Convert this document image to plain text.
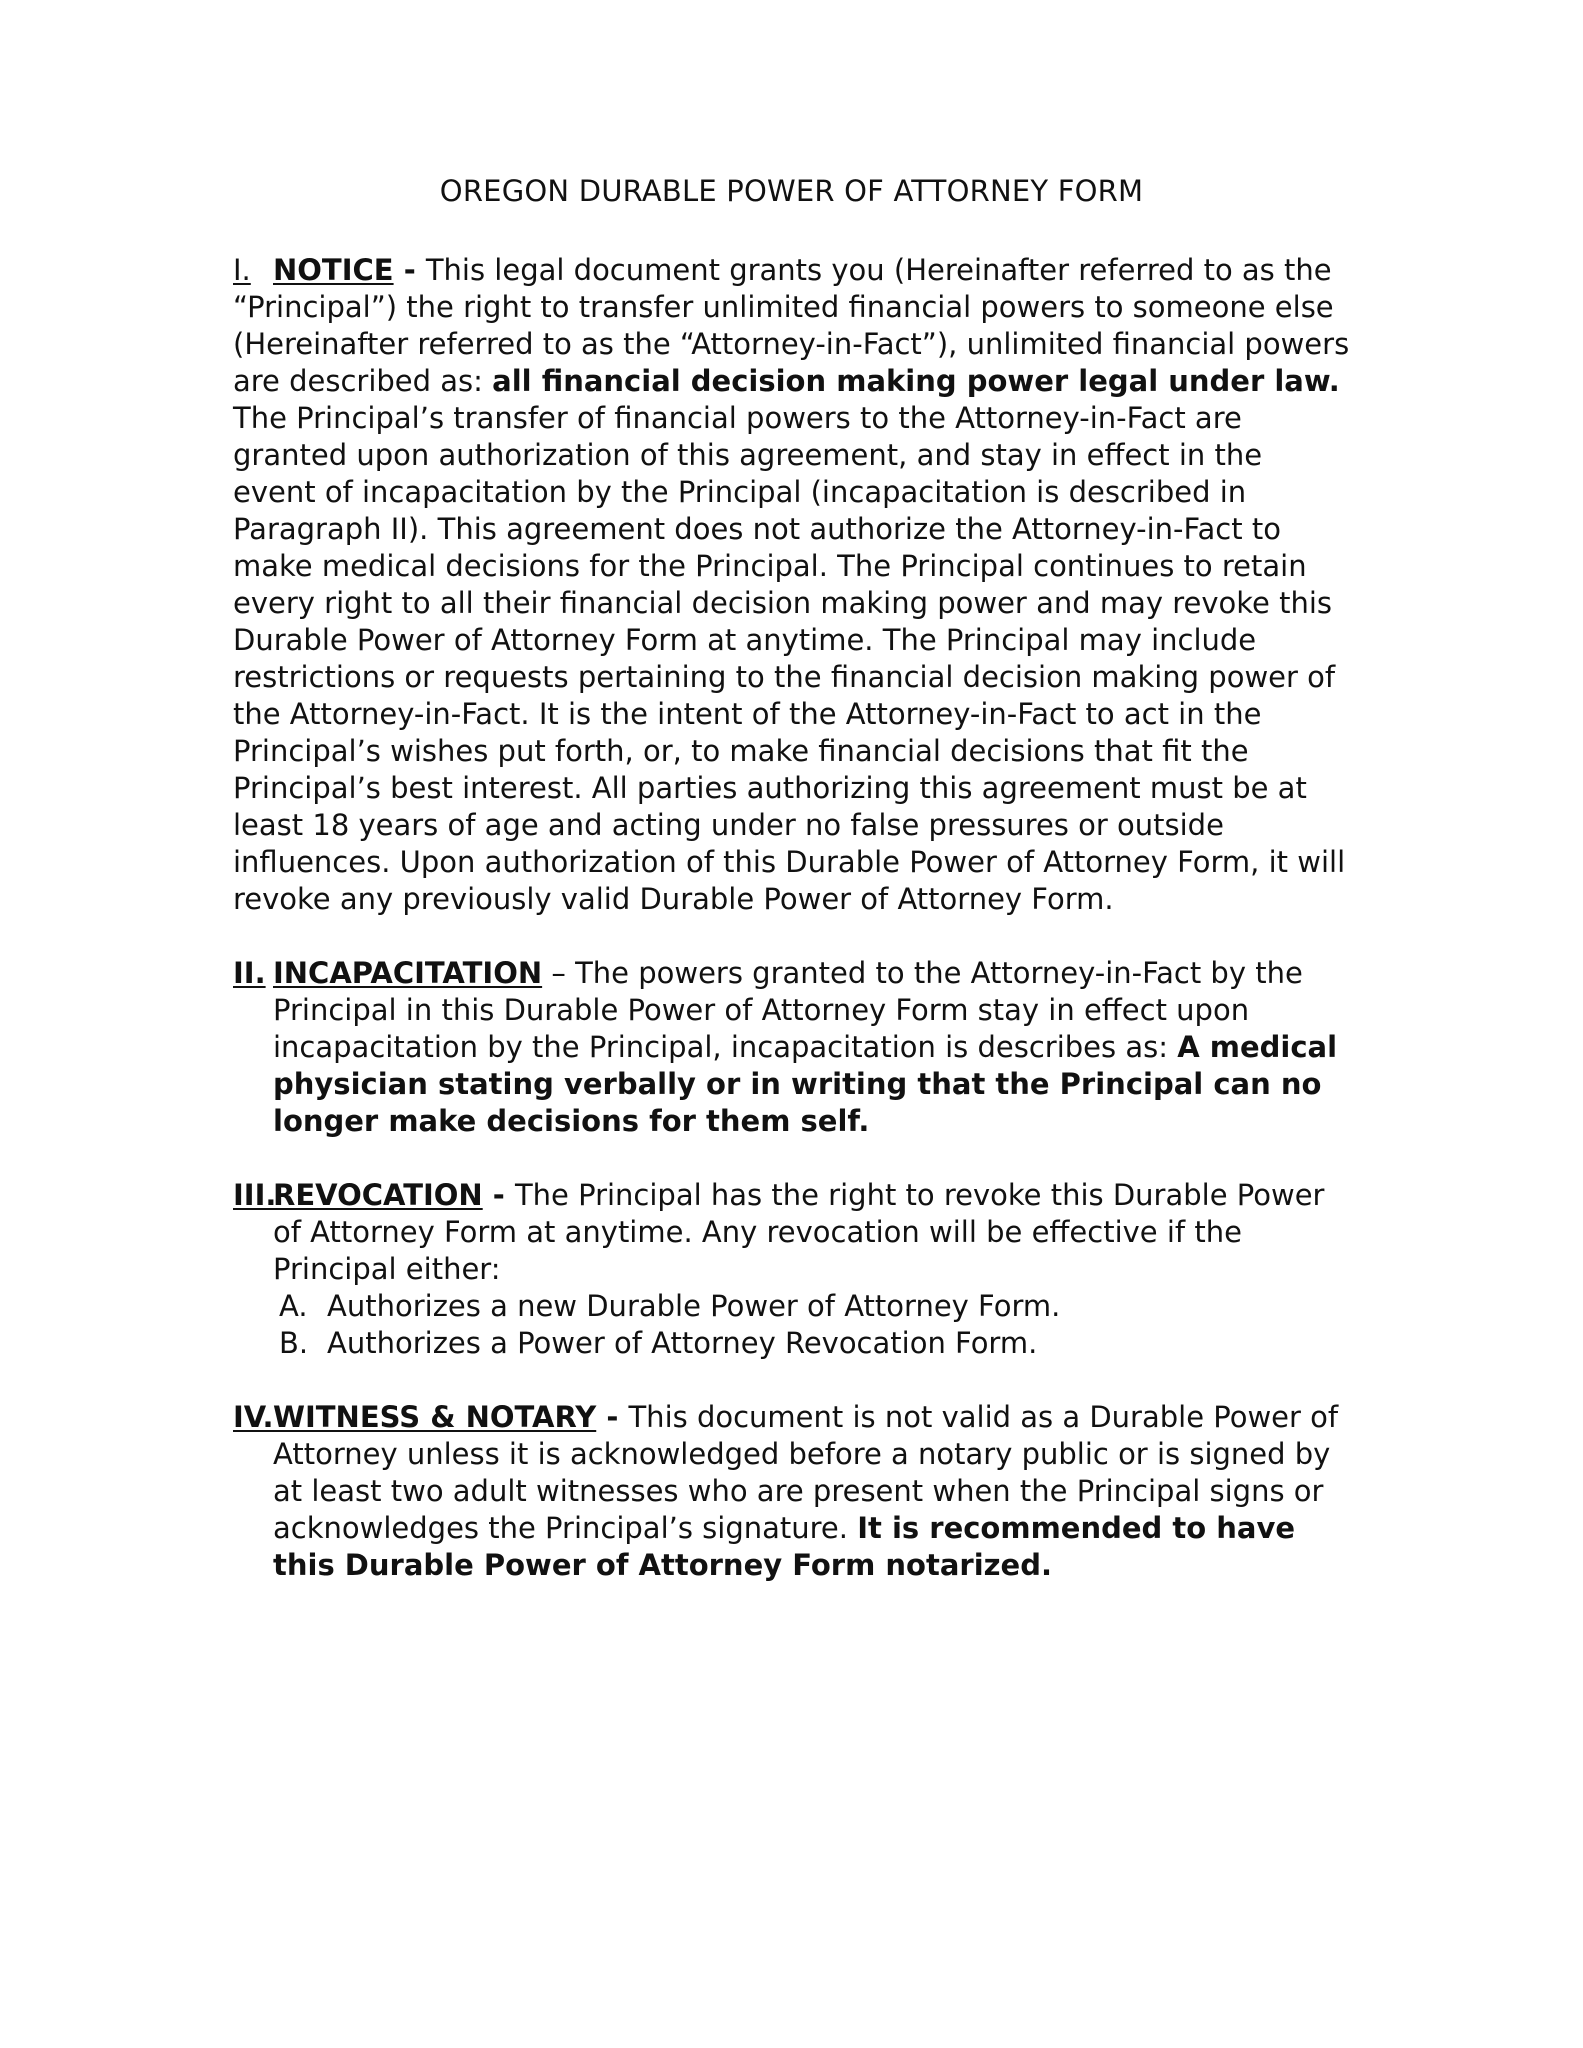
OREGON DURABLE POWER OF ATTORNEY FORM

I. NOTICE - This legal document grants you (Hereinafter referred to as the “Principal”) the right to transfer unlimited financial powers to someone else (Hereinafter referred to as the “Attorney-in-Fact”), unlimited financial powers are described as: all financial decision making power legal under law. The Principal’s transfer of financial powers to the Attorney-in-Fact are granted upon authorization of this agreement, and stay in effect in the event of incapacitation by the Principal (incapacitation is described in Paragraph II). This agreement does not authorize the Attorney-in-Fact to make medical decisions for the Principal. The Principal continues to retain every right to all their financial decision making power and may revoke this Durable Power of Attorney Form at anytime. The Principal may include restrictions or requests pertaining to the financial decision making power of the Attorney-in-Fact. It is the intent of the Attorney-in-Fact to act in the Principal’s wishes put forth, or, to make financial decisions that fit the Principal’s best interest. All parties authorizing this agreement must be at least 18 years of age and acting under no false pressures or outside influences. Upon authorization of this Durable Power of Attorney Form, it will revoke any previously valid Durable Power of Attorney Form.

II. INCAPACITATION – The powers granted to the Attorney-in-Fact by the Principal in this Durable Power of Attorney Form stay in effect upon incapacitation by the Principal, incapacitation is describes as: A medical physician stating verbally or in writing that the Principal can no longer make decisions for them self.

III.
REVOCATION - The Principal has the right to revoke this Durable Power of Attorney Form at anytime. Any revocation will be effective if the Principal either:
A. Authorizes a new Durable Power of Attorney Form.
B. Authorizes a Power of Attorney Revocation Form.

IV. WITNESS & NOTARY - This document is not valid as a Durable Power of Attorney unless it is acknowledged before a notary public or is signed by at least two adult witnesses who are present when the Principal signs or acknowledges the Principal’s signature. It is recommended to have this Durable Power of Attorney Form notarized.
